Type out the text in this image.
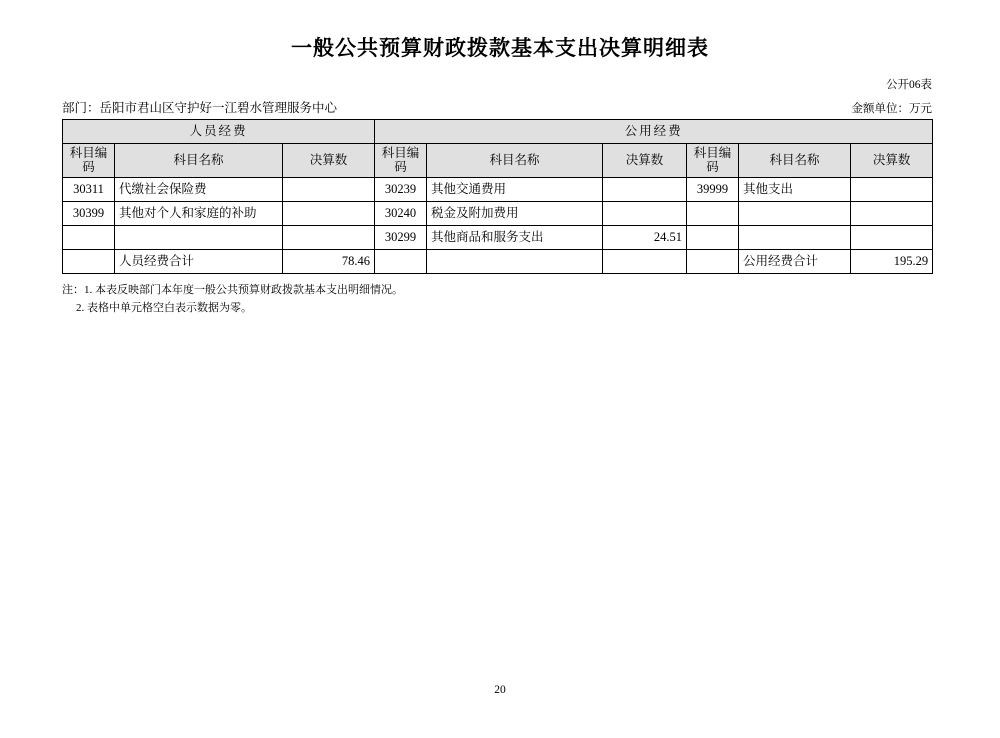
一般公共预算财政拨款基本支出决算明细表
公开06表
部门：岳阳市君山区守护好一江碧水管理服务中心	金额单位：万元
人员经费			公用经费					
科目编码	科目名称	决算数	科目编码	科目名称	决算数	科目编码	科目名称	决算数
30311	代缴社会保险费		30239	其他交通费用		39999	其他支出	
30399	其他对个人和家庭的补助		30240	税金及附加费用				
			30299	其他商品和服务支出	24.51			
	人员经费合计	78.46					公用经费合计	195.29
注：1. 本表反映部门本年度一般公共预算财政拨款基本支出明细情况。
2. 表格中单元格空白表示数据为零。
20
